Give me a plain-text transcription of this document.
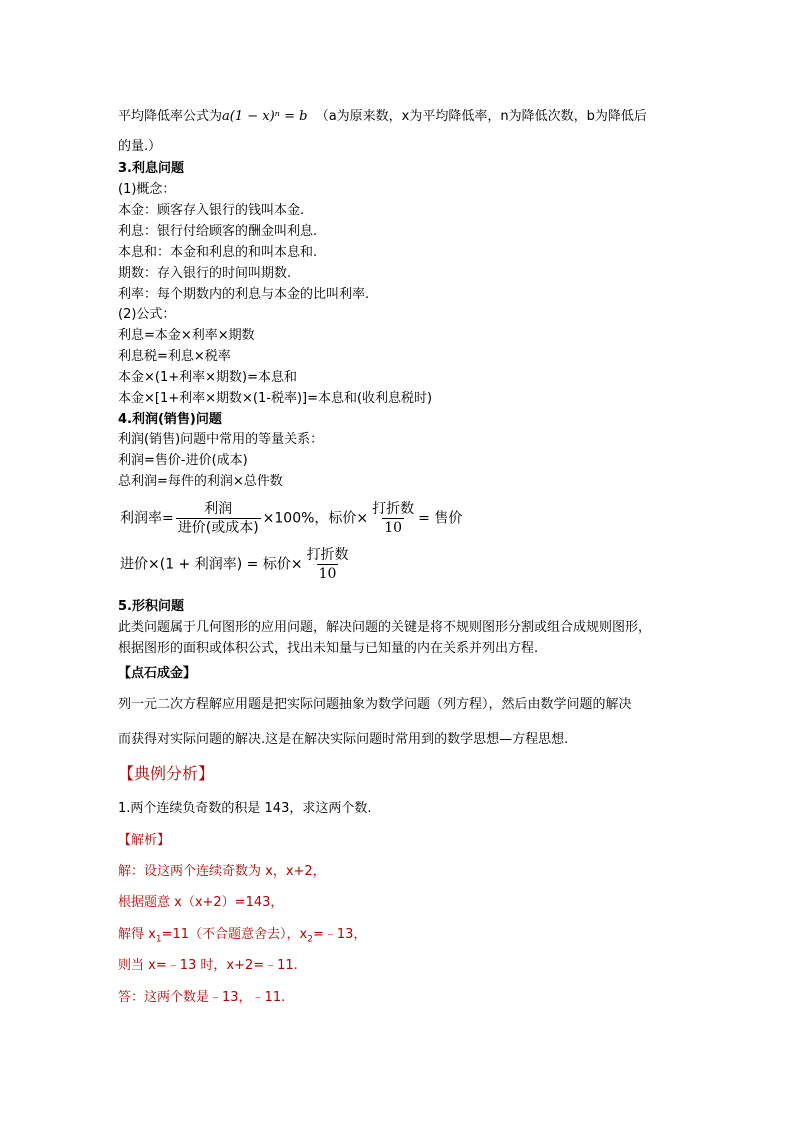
平均降低率公式为a(1 − x)ⁿ = b （a为原来数，x为平均降低率，n为降低次数，b为降低后
的量.）
3.利息问题
(1)概念：
本金：顾客存入银行的钱叫本金.
利息：银行付给顾客的酬金叫利息.
本息和：本金和利息的和叫本息和.
期数：存入银行的时间叫期数.
利率：每个期数内的利息与本金的比叫利率.
(2)公式：
利息=本金×利率×期数
利息税=利息×税率
本金×(1+利率×期数)=本息和
本金×[1+利率×期数×(1-税率)]=本息和(收利息税时)
4.利润(销售)问题
利润(销售)问题中常用的等量关系：
利润=售价-进价(成本)
总利润=每件的利润×总件数
利润率= $\frac{\text{利润}}{\text{进价(或成本)}} \times 100\%$，标价× $\frac{\text{打折数}}{10}$ = 售价
进价×(1 + 利润率) = 标价× $\frac{\text{打折数}}{10}$
5.形积问题
此类问题属于几何图形的应用问题，解决问题的关键是将不规则图形分割或组合成规则图形，
根据图形的面积或体积公式，找出未知量与已知量的内在关系并列出方程.
【点石成金】
列一元二次方程解应用题是把实际问题抽象为数学问题（列方程），然后由数学问题的解决
而获得对实际问题的解决.这是在解决实际问题时常用到的数学思想—方程思想.
【典例分析】
1.两个连续负奇数的积是 143，求这两个数.
【解析】
解：设这两个连续奇数为 x，x+2，
根据题意 x（x+2）=143，
解得 $x_1=11$（不合题意舍去），$x_2=﹣13$，
则当 x=﹣13 时，x+2=﹣11.
答：这两个数是﹣13，﹣11.
